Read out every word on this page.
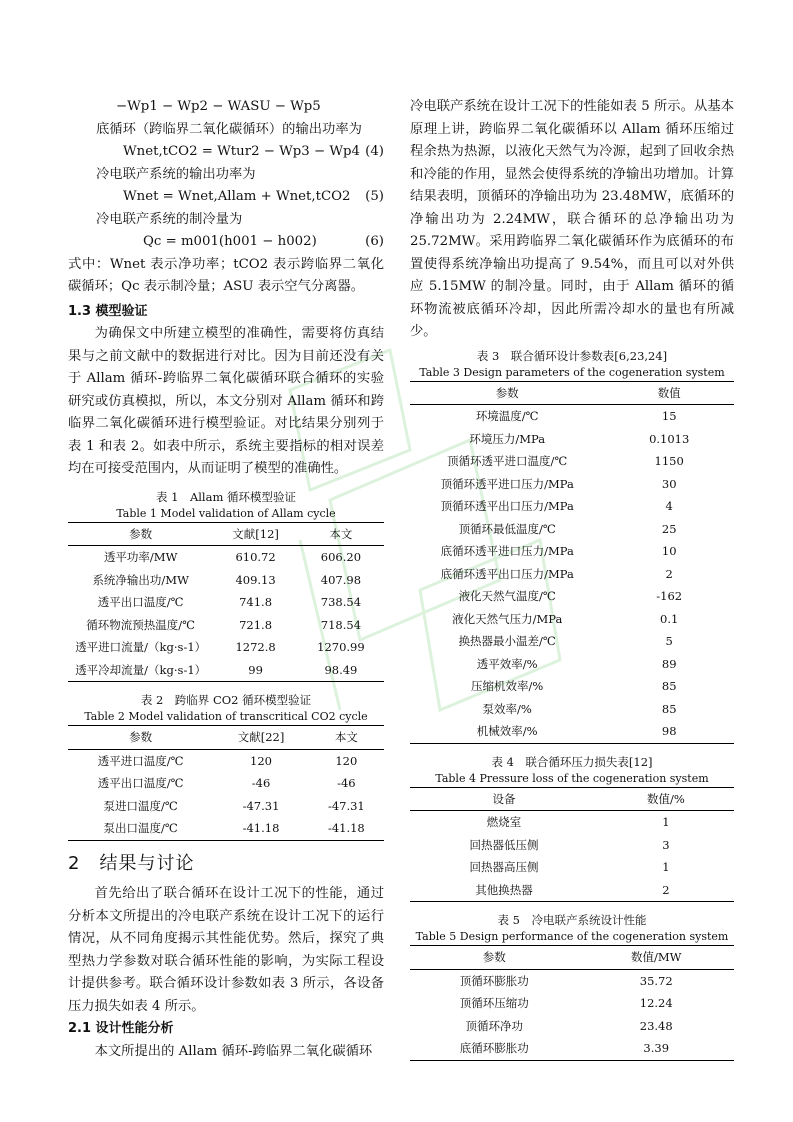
−Wp1 − Wp2 − WASU − Wp5

底循环（跨临界二氧化碳循环）的输出功率为

Wnet,tCO2 = Wtur2 − Wp3 − Wp4 (4)

冷电联产系统的输出功率为

Wnet = Wnet,Allam + Wnet,tCO2 (5)

冷电联产系统的制冷量为

Qc = m001(h001 − h002)	(6)

式中：Wnet 表示净功率；tCO2 表示跨临界二氧化碳循环；Qc 表示制冷量；ASU 表示空气分离器。

1.3 模型验证

为确保文中所建立模型的准确性，需要将仿真结果与之前文献中的数据进行对比。因为目前还没有关于 Allam 循环-跨临界二氧化碳循环联合循环的实验研究或仿真模拟，所以，本文分别对 Allam 循环和跨临界二氧化碳循环进行模型验证。对比结果分别列于表 1 和表 2。如表中所示，系统主要指标的相对误差均在可接受范围内，从而证明了模型的准确性。

表 1　Allam 循环模型验证
Table 1 Model validation of Allam cycle
参数	文献[12]	本文
透平功率/MW	610.72	606.20
系统净输出功/MW	409.13	407.98
透平出口温度/℃	741.8	738.54
循环物流预热温度/℃	721.8	718.54
透平进口流量/（kg·s-1）	1272.8	1270.99
透平冷却流量/（kg·s-1）	99	98.49
表 2　跨临界 CO2 循环模型验证
Table 2 Model validation of transcritical CO2 cycle
参数	文献[22]	本文
透平进口温度/℃	120	120
透平出口温度/℃	-46	-46
泵进口温度/℃	-47.31	-47.31
泵出口温度/℃	-41.18	-41.18

2　结果与讨论

首先给出了联合循环在设计工况下的性能，通过分析本文所提出的冷电联产系统在设计工况下的运行情况，从不同角度揭示其性能优势。然后，探究了典型热力学参数对联合循环性能的影响，为实际工程设计提供参考。联合循环设计参数如表 3 所示，各设备压力损失如表 4 所示。

2.1 设计性能分析

本文所提出的 Allam 循环-跨临界二氧化碳循环

冷电联产系统在设计工况下的性能如表 5 所示。从基本原理上讲，跨临界二氧化碳循环以 Allam 循环压缩过程余热为热源，以液化天然气为冷源，起到了回收余热和冷能的作用，显然会使得系统的净输出功增加。计算结果表明，顶循环的净输出功为 23.48MW，底循环的净输出功为 2.24MW，联合循环的总净输出功为 25.72MW。采用跨临界二氧化碳循环作为底循环的布置使得系统净输出功提高了 9.54%，而且可以对外供应 5.15MW 的制冷量。同时，由于 Allam 循环的循环物流被底循环冷却，因此所需冷却水的量也有所减少。

表 3　联合循环设计参数表[6,23,24]
Table 3 Design parameters of the cogeneration system
参数	数值
环境温度/℃	15
环境压力/MPa	0.1013
顶循环透平进口温度/℃	1150
顶循环透平进口压力/MPa	30
顶循环透平出口压力/MPa	4
顶循环最低温度/℃	25
底循环透平进口压力/MPa	10
底循环透平出口压力/MPa	2
液化天然气温度/℃	-162
液化天然气压力/MPa	0.1
换热器最小温差/℃	5
透平效率/%	89
压缩机效率/%	85
泵效率/%	85
机械效率/%	98
表 4　联合循环压力损失表[12]
Table 4 Pressure loss of the cogeneration system
设备	数值/%
燃烧室	1
回热器低压侧	3
回热器高压侧	1
其他换热器	2
表 5　冷电联产系统设计性能
Table 5 Design performance of the cogeneration system
参数	数值/MW
顶循环膨胀功	35.72
顶循环压缩功	12.24
顶循环净功	23.48
底循环膨胀功	3.39
